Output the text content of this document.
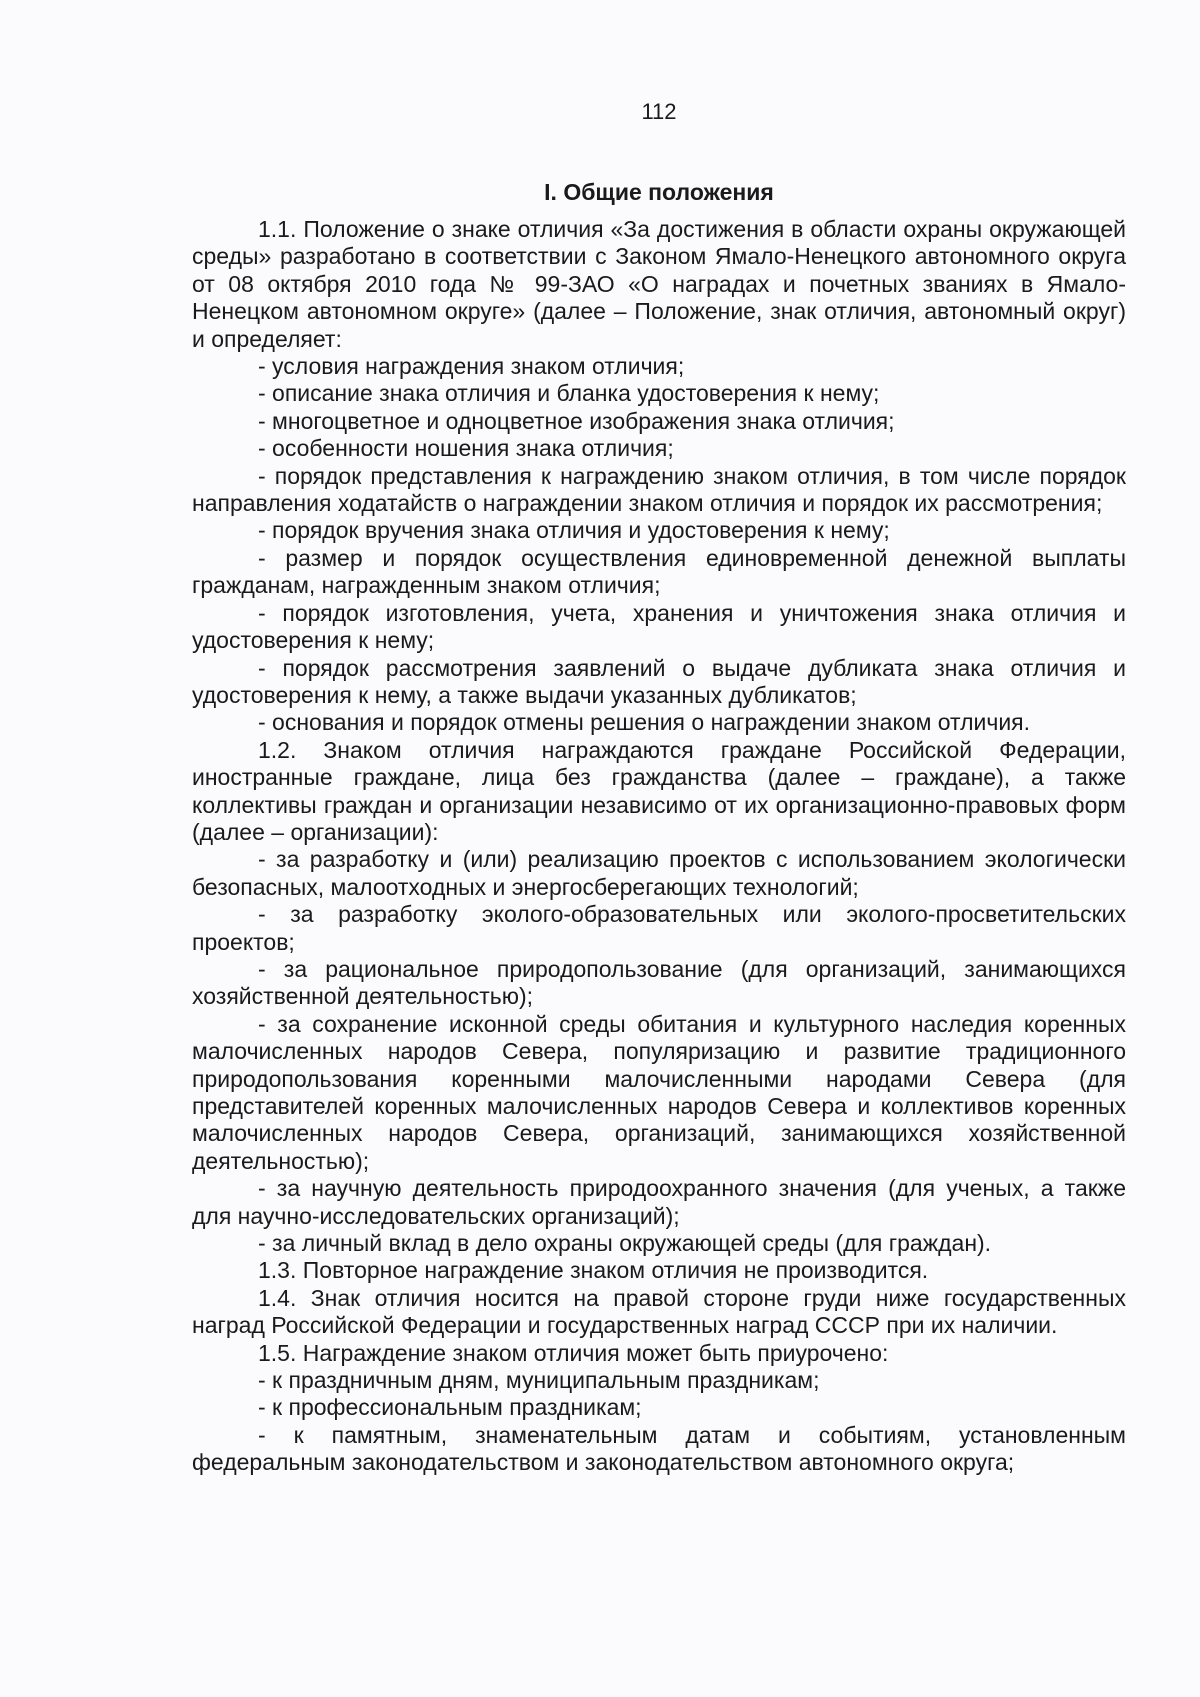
112
I. Общие положения

1.1. Положение о знаке отличия «За достижения в области охраны окружающей среды» разработано в соответствии с Законом Ямало-Ненецкого автономного округа от 08 октября 2010 года № 99-ЗАО «О наградах и почетных званиях в Ямало-Ненецком автономном округе» (далее – Положение, знак отличия, автономный округ) и определяет:

- условия награждения знаком отличия;

- описание знака отличия и бланка удостоверения к нему;

- многоцветное и одноцветное изображения знака отличия;

- особенности ношения знака отличия;

- порядок представления к награждению знаком отличия, в том числе порядок направления ходатайств о награждении знаком отличия и порядок их рассмотрения;

- порядок вручения знака отличия и удостоверения к нему;

- размер и порядок осуществления единовременной денежной выплаты гражданам, награжденным знаком отличия;

- порядок изготовления, учета, хранения и уничтожения знака отличия и удостоверения к нему;

- порядок рассмотрения заявлений о выдаче дубликата знака отличия и удостоверения к нему, а также выдачи указанных дубликатов;

- основания и порядок отмены решения о награждении знаком отличия.

1.2. Знаком отличия награждаются граждане Российской Федерации, иностранные граждане, лица без гражданства (далее – граждане), а также коллективы граждан и организации независимо от их организационно-правовых форм (далее – организации):

- за разработку и (или) реализацию проектов с использованием экологически безопасных, малоотходных и энергосберегающих технологий;

- за разработку эколого-образовательных или эколого-просветительских проектов;

- за рациональное природопользование (для организаций, занимающихся хозяйственной деятельностью);

- за сохранение исконной среды обитания и культурного наследия коренных малочисленных народов Севера, популяризацию и развитие традиционного природопользования коренными малочисленными народами Севера (для представителей коренных малочисленных народов Севера и коллективов коренных малочисленных народов Севера, организаций, занимающихся хозяйственной деятельностью);

- за научную деятельность природоохранного значения (для ученых, а также для научно-исследовательских организаций);

- за личный вклад в дело охраны окружающей среды (для граждан).

1.3. Повторное награждение знаком отличия не производится.

1.4. Знак отличия носится на правой стороне груди ниже государственных наград Российской Федерации и государственных наград СССР при их наличии.

1.5. Награждение знаком отличия может быть приурочено:

- к праздничным дням, муниципальным праздникам;

- к профессиональным праздникам;

- к памятным, знаменательным датам и событиям, установленным федеральным законодательством и законодательством автономного округа;
